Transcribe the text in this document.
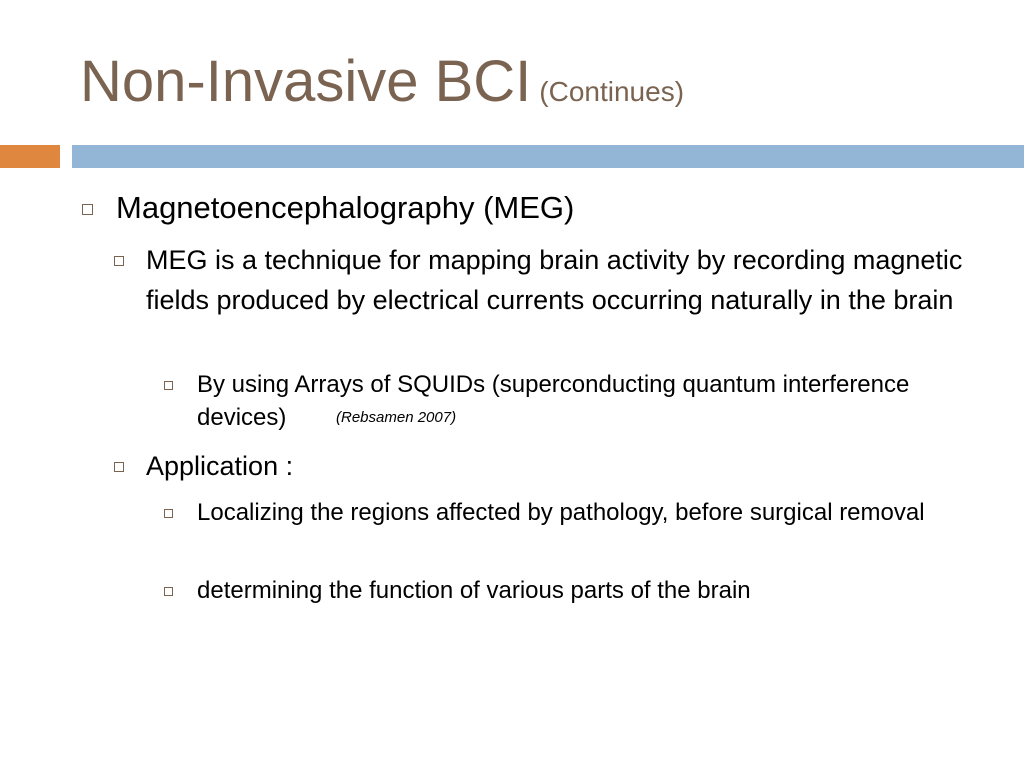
Non-Invasive BCI (Continues)
Magnetoencephalography (MEG)
MEG is a technique for mapping brain activity by recording magnetic fields produced by electrical currents occurring naturally in the brain
By using Arrays of SQUIDs (superconducting quantum interference devices)	(Rebsamen 2007)
Application :
Localizing the regions affected by pathology, before surgical removal
determining the function of various parts of the brain
